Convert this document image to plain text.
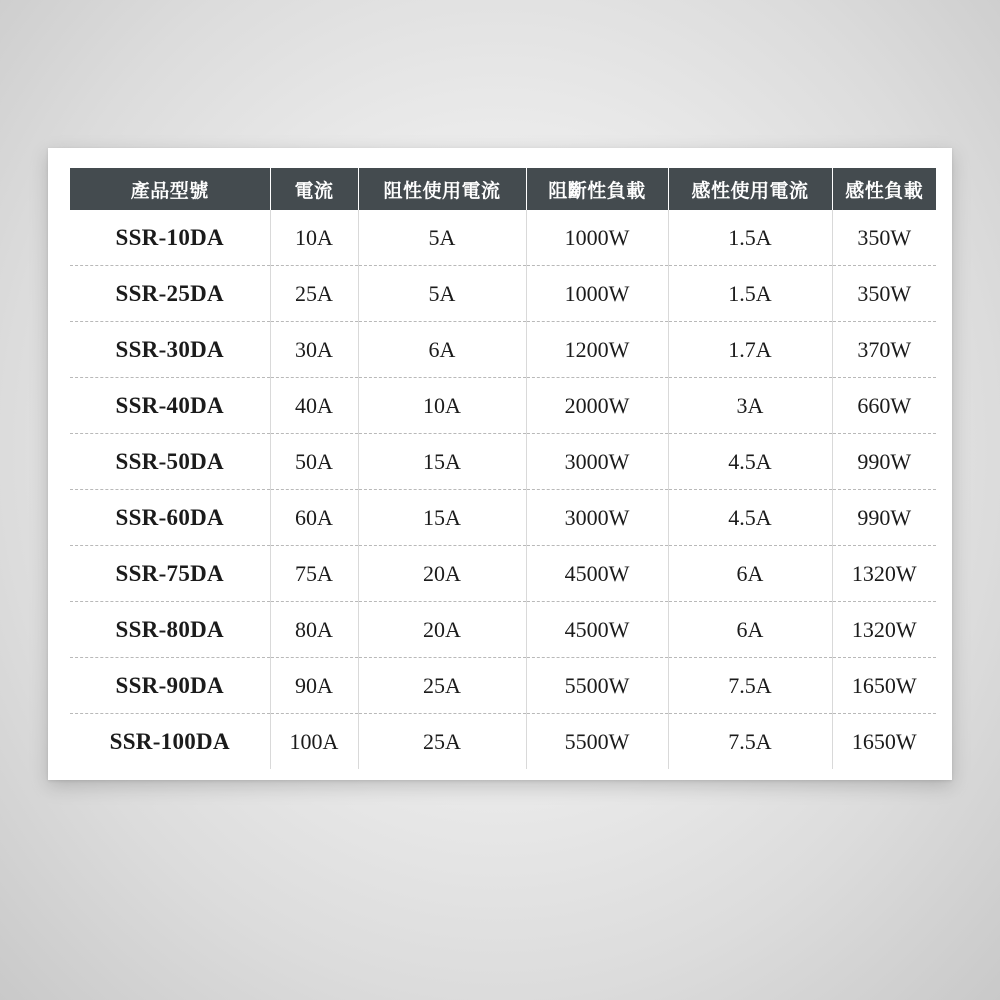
產品型號	電流	阻性使用電流	阻斷性負載	感性使用電流	感性負載
SSR-10DA	10A	5A	1000W	1.5A	350W
SSR-25DA	25A	5A	1000W	1.5A	350W
SSR-30DA	30A	6A	1200W	1.7A	370W
SSR-40DA	40A	10A	2000W	3A	660W
SSR-50DA	50A	15A	3000W	4.5A	990W
SSR-60DA	60A	15A	3000W	4.5A	990W
SSR-75DA	75A	20A	4500W	6A	1320W
SSR-80DA	80A	20A	4500W	6A	1320W
SSR-90DA	90A	25A	5500W	7.5A	1650W
SSR-100DA	100A	25A	5500W	7.5A	1650W
